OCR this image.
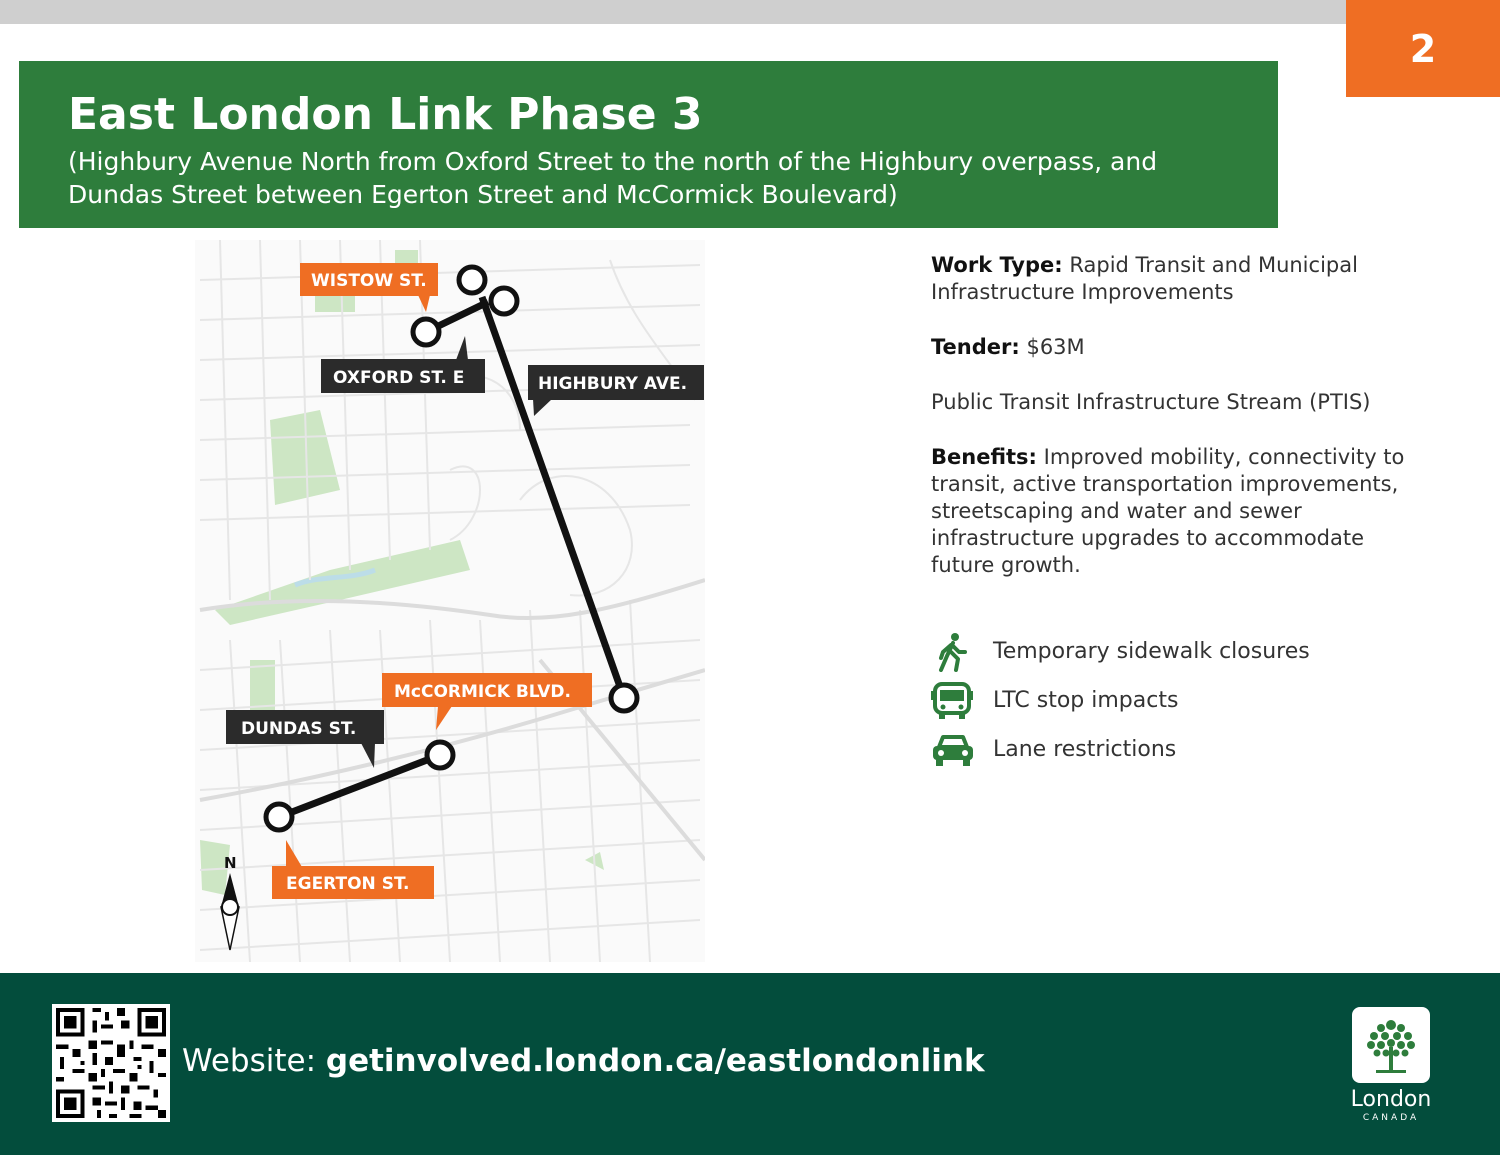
2
East London Link Phase 3
(Highbury Avenue North from Oxford Street to the north of the Highbury overpass, and Dundas Street between Egerton Street and McCormick Boulevard)
WISTOW ST.
OXFORD ST. E	HIGHBURY AVE.
McCORMICK BLVD.
DUNDAS ST.
EGERTON ST.
N

Work Type: Rapid Transit and Municipal Infrastructure Improvements

Tender: $63M

Public Transit Infrastructure Stream (PTIS)

Benefits: Improved mobility, connectivity to transit, active transportation improvements, streetscaping and water and sewer infrastructure upgrades to accommodate future growth.

Temporary sidewalk closures
LTC stop impacts
Lane restrictions
Website: getinvolved.london.ca/eastlondonlink
London
CANADA
